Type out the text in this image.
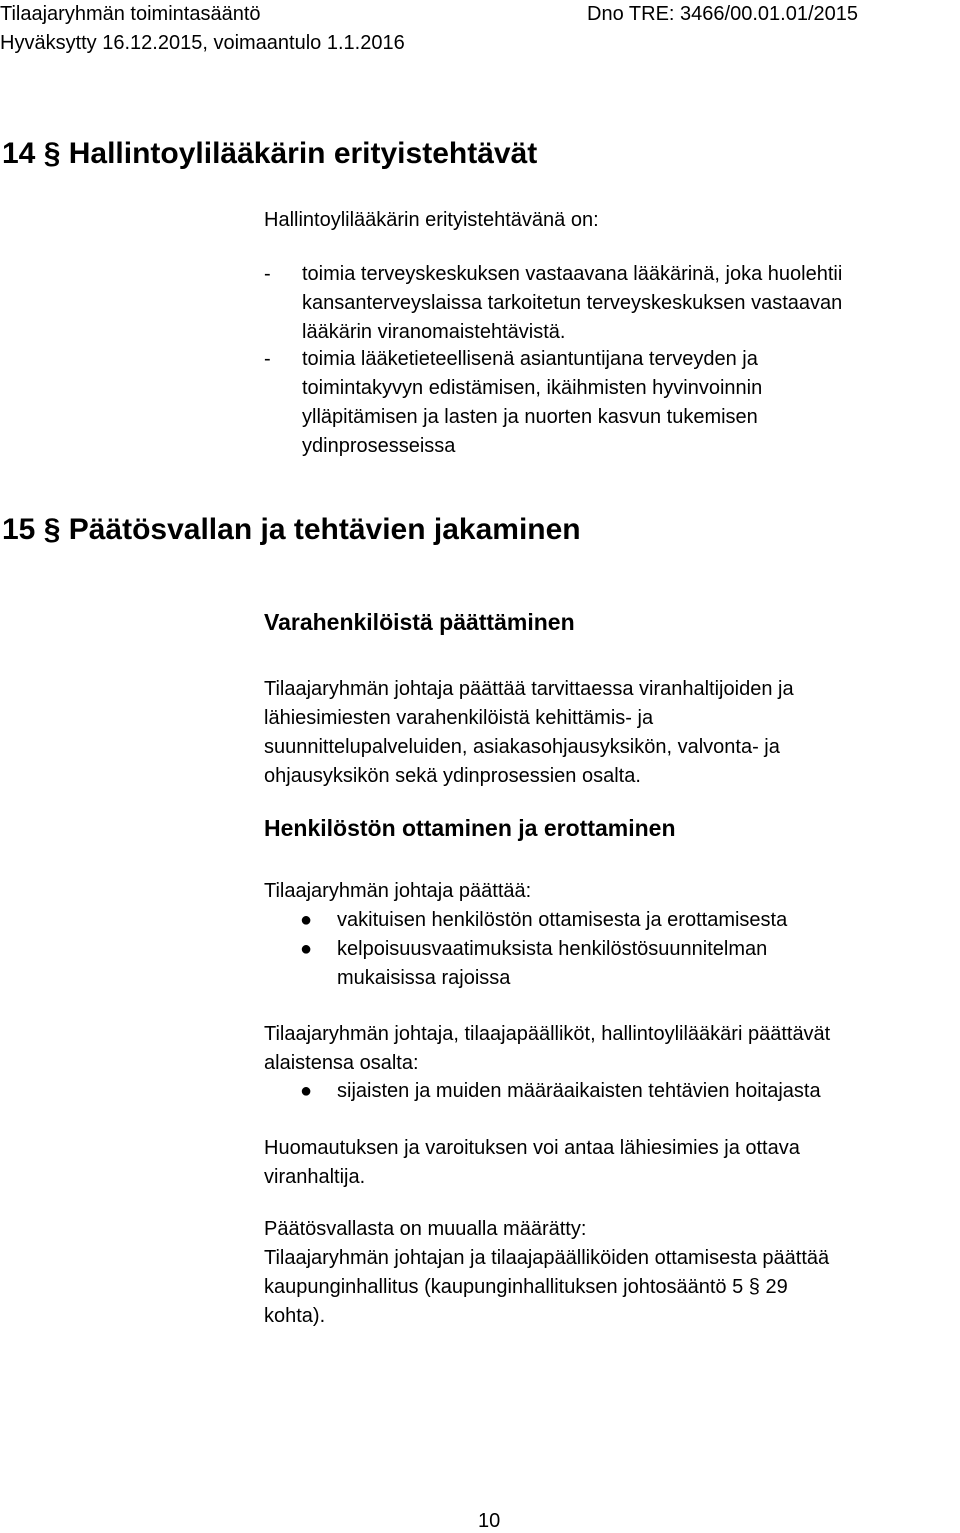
Tilaajaryhmän toimintasääntö	Dno TRE: 3466/00.01.01/2015
Hyväksytty 16.12.2015, voimaantulo 1.1.2016
14 § Hallintoylilääkärin erityistehtävät
Hallintoylilääkärin erityistehtävänä on:
- toimia terveyskeskuksen vastaavana lääkärinä, joka huolehtii
kansanterveyslaissa tarkoitetun terveyskeskuksen vastaavan
lääkärin viranomaistehtävistä.
- toimia lääketieteellisenä asiantuntijana terveyden ja
toimintakyvyn edistämisen, ikäihmisten hyvinvoinnin
ylläpitämisen ja lasten ja nuorten kasvun tukemisen
ydinprosesseissa
15 § Päätösvallan ja tehtävien jakaminen
Varahenkilöistä päättäminen
Tilaajaryhmän johtaja päättää tarvittaessa viranhaltijoiden ja
lähiesimiesten varahenkilöistä kehittämis- ja
suunnittelupalveluiden, asiakasohjausyksikön, valvonta- ja
ohjausyksikön sekä ydinprosessien osalta.
Henkilöstön ottaminen ja erottaminen
Tilaajaryhmän johtaja päättää:
● vakituisen henkilöstön ottamisesta ja erottamisesta
● kelpoisuusvaatimuksista henkilöstösuunnitelman
mukaisissa rajoissa
Tilaajaryhmän johtaja, tilaajapäälliköt, hallintoylilääkäri päättävät
alaistensa osalta:
● sijaisten ja muiden määräaikaisten tehtävien hoitajasta
Huomautuksen ja varoituksen voi antaa lähiesimies ja ottava
viranhaltija.
Päätösvallasta on muualla määrätty:
Tilaajaryhmän johtajan ja tilaajapäälliköiden ottamisesta päättää
kaupunginhallitus (kaupunginhallituksen johtosääntö 5 § 29
kohta).
10
